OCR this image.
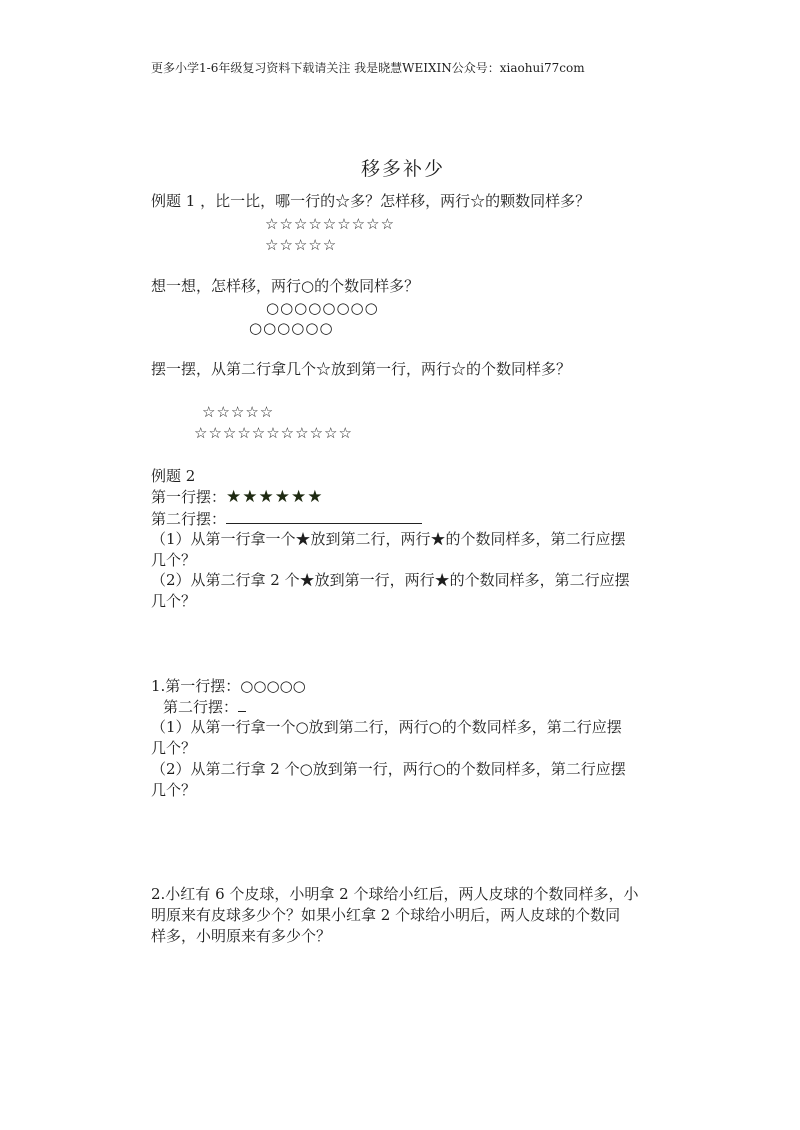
更多小学1-6年级复习资料下载请关注 我是晓慧WEIXIN公众号：xiaohui77com
移多补少
例题 1 ，比一比，哪一行的☆多？怎样移，两行☆的颗数同样多？
☆☆☆☆☆☆☆☆☆
☆☆☆☆☆
想一想，怎样移，两行○的个数同样多？
○○○○○○○○
○○○○○○
摆一摆，从第二行拿几个☆放到第一行，两行☆的个数同样多？
☆☆☆☆☆
☆☆☆☆☆☆☆☆☆☆☆
例题 2
第一行摆：★★★★★★
第二行摆：
（1）从第一行拿一个★放到第二行，两行★的个数同样多，第二行应摆
几个？
（2）从第二行拿 2 个★放到第一行，两行★的个数同样多，第二行应摆
几个？
1.第一行摆：○○○○○
第二行摆：
（1）从第一行拿一个○放到第二行，两行○的个数同样多，第二行应摆
几个？
（2）从第二行拿 2 个○放到第一行，两行○的个数同样多，第二行应摆
几个？
2.小红有 6 个皮球，小明拿 2 个球给小红后，两人皮球的个数同样多，小
明原来有皮球多少个？如果小红拿 2 个球给小明后，两人皮球的个数同
样多，小明原来有多少个？
